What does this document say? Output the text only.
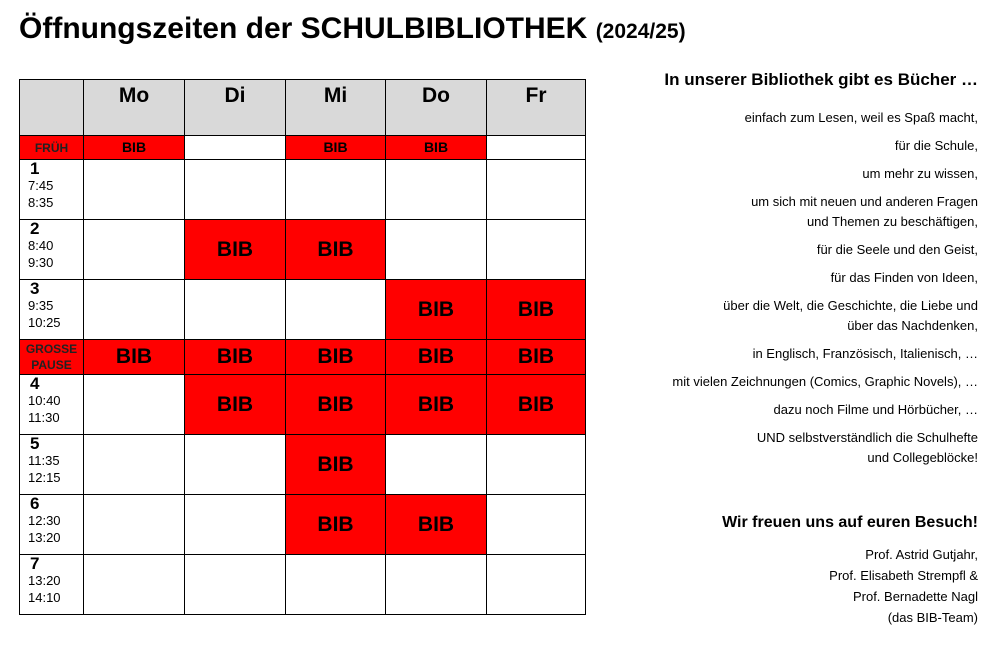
Öffnungszeiten der SCHULBIBLIOTHEK (2024/25)
	Mo	Di	Mi	Do	Fr
FRÜH	BIB		BIB	BIB	

1
7:45
8:35					

2
8:40
9:30		BIB	BIB		

3
9:35
10:25				BIB	BIB
GROSSE PAUSE	BIB	BIB	BIB	BIB	BIB

4
10:40
11:30		BIB	BIB	BIB	BIB

5
11:35
12:15			BIB		

6
12:30
13:20			BIB	BIB	

7
13:20
14:10					

In unserer Bibliothek gibt es Bücher …

einfach zum Lesen, weil es Spaß macht,

für die Schule,

um mehr zu wissen,

um sich mit neuen und anderen Fragen
und Themen zu beschäftigen,

für die Seele und den Geist,

für das Finden von Ideen,

über die Welt, die Geschichte, die Liebe und
über das Nachdenken,

in Englisch, Französisch, Italienisch, …

mit vielen Zeichnungen (Comics, Graphic Novels), …

dazu noch Filme und Hörbücher, …

UND selbstverständlich die Schulhefte
und Collegeblöcke!

Wir freuen uns auf euren Besuch!
Prof. Astrid Gutjahr,
Prof. Elisabeth Strempfl &
Prof. Bernadette Nagl
(das BIB-Team)
